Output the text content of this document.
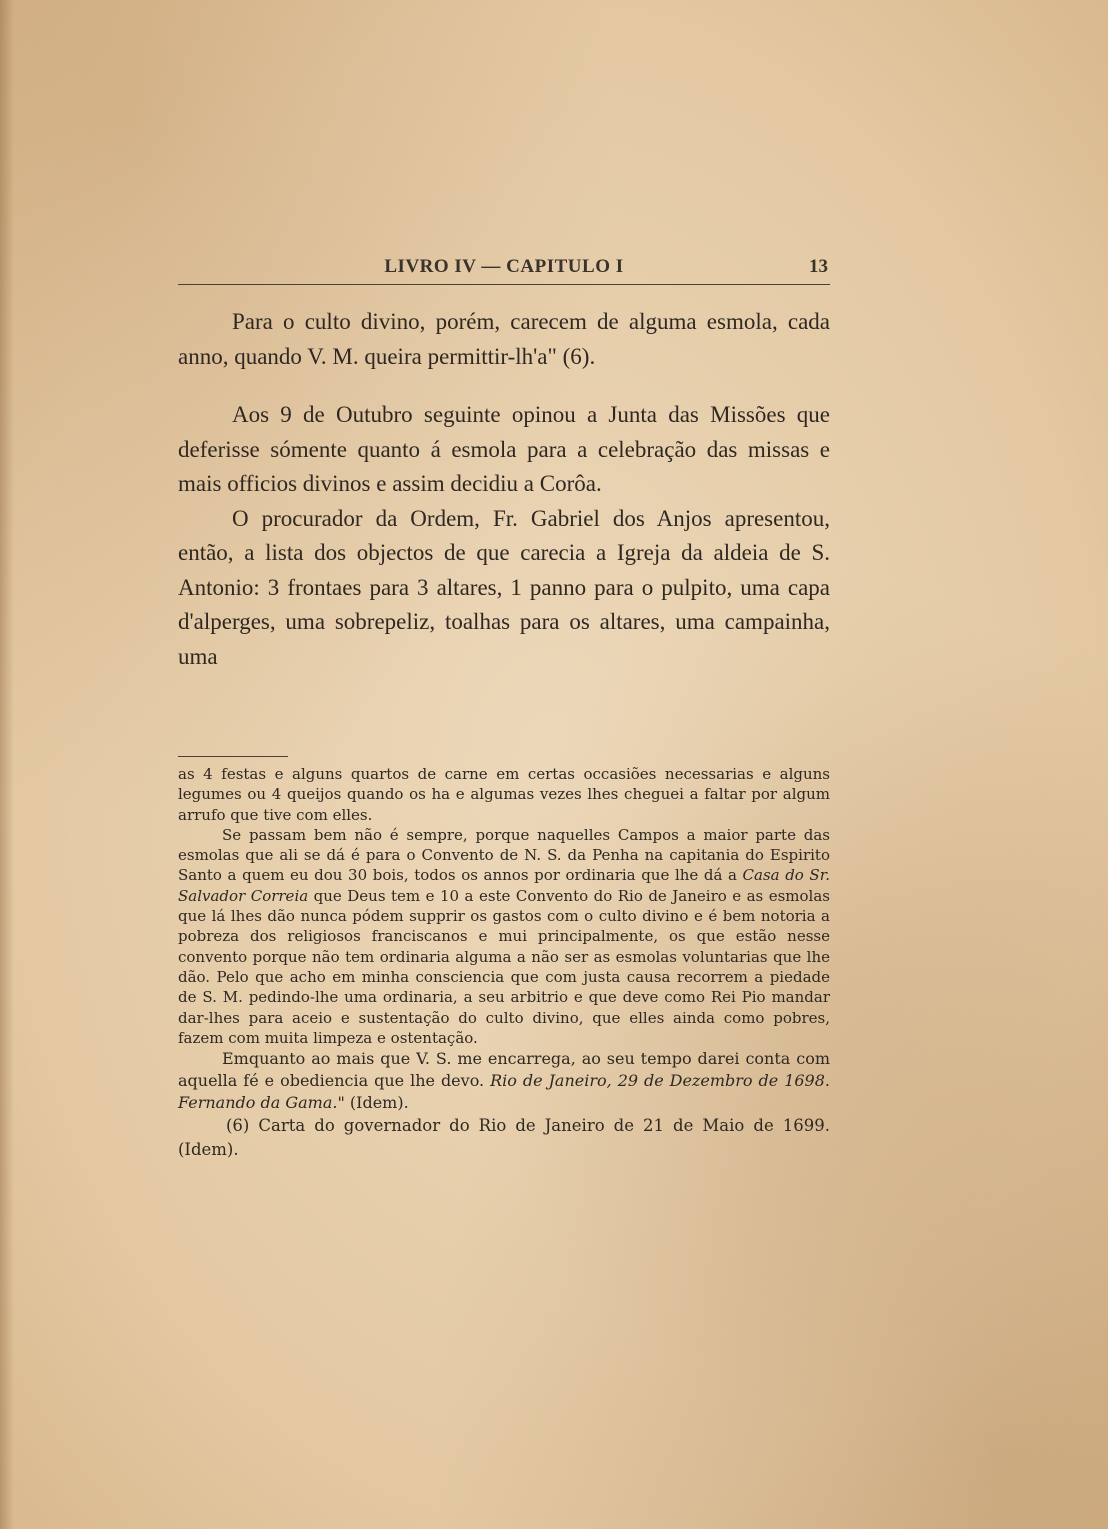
LIVRO IV — CAPITULO I	13

Para o culto divino, porém, carecem de alguma esmola, cada anno, quando V. M. queira permittir-lh'a" (6).

Aos 9 de Outubro seguinte opinou a Junta das Missões que deferisse sómente quanto á esmola para a celebração das missas e mais officios divinos e assim decidiu a Corôa.

O procurador da Ordem, Fr. Gabriel dos Anjos apresentou, então, a lista dos objectos de que carecia a Igreja da aldeia de S. Antonio: 3 frontaes para 3 altares, 1 panno para o pulpito, uma capa d'alperges, uma sobrepeliz, toalhas para os altares, uma campainha, uma

as 4 festas e alguns quartos de carne em certas occasiões necessarias e alguns legumes ou 4 queijos quando os ha e algumas vezes lhes cheguei a faltar por algum arrufo que tive com elles.

Se passam bem não é sempre, porque naquelles Campos a maior parte das esmolas que ali se dá é para o Convento de N. S. da Penha na capitania do Espirito Santo a quem eu dou 30 bois, todos os annos por ordinaria que lhe dá a Casa do Sr. Salvador Correia que Deus tem e 10 a este Convento do Rio de Janeiro e as esmolas que lá lhes dão nunca pódem supprir os gastos com o culto divino e é bem notoria a pobreza dos religiosos franciscanos e mui principalmente, os que estão nesse convento porque não tem ordinaria alguma a não ser as esmolas voluntarias que lhe dão. Pelo que acho em minha consciencia que com justa causa recorrem a piedade de S. M. pedindo-lhe uma ordinaria, a seu arbitrio e que deve como Rei Pio mandar dar-lhes para aceio e sustentação do culto divino, que elles ainda como pobres, fazem com muita limpeza e ostentação.

Emquanto ao mais que V. S. me encarrega, ao seu tempo darei conta com aquella fé e obediencia que lhe devo. Rio de Janeiro, 29 de Dezembro de 1698. Fernando da Gama." (Idem).

(6) Carta do governador do Rio de Janeiro de 21 de Maio de 1699. (Idem).
